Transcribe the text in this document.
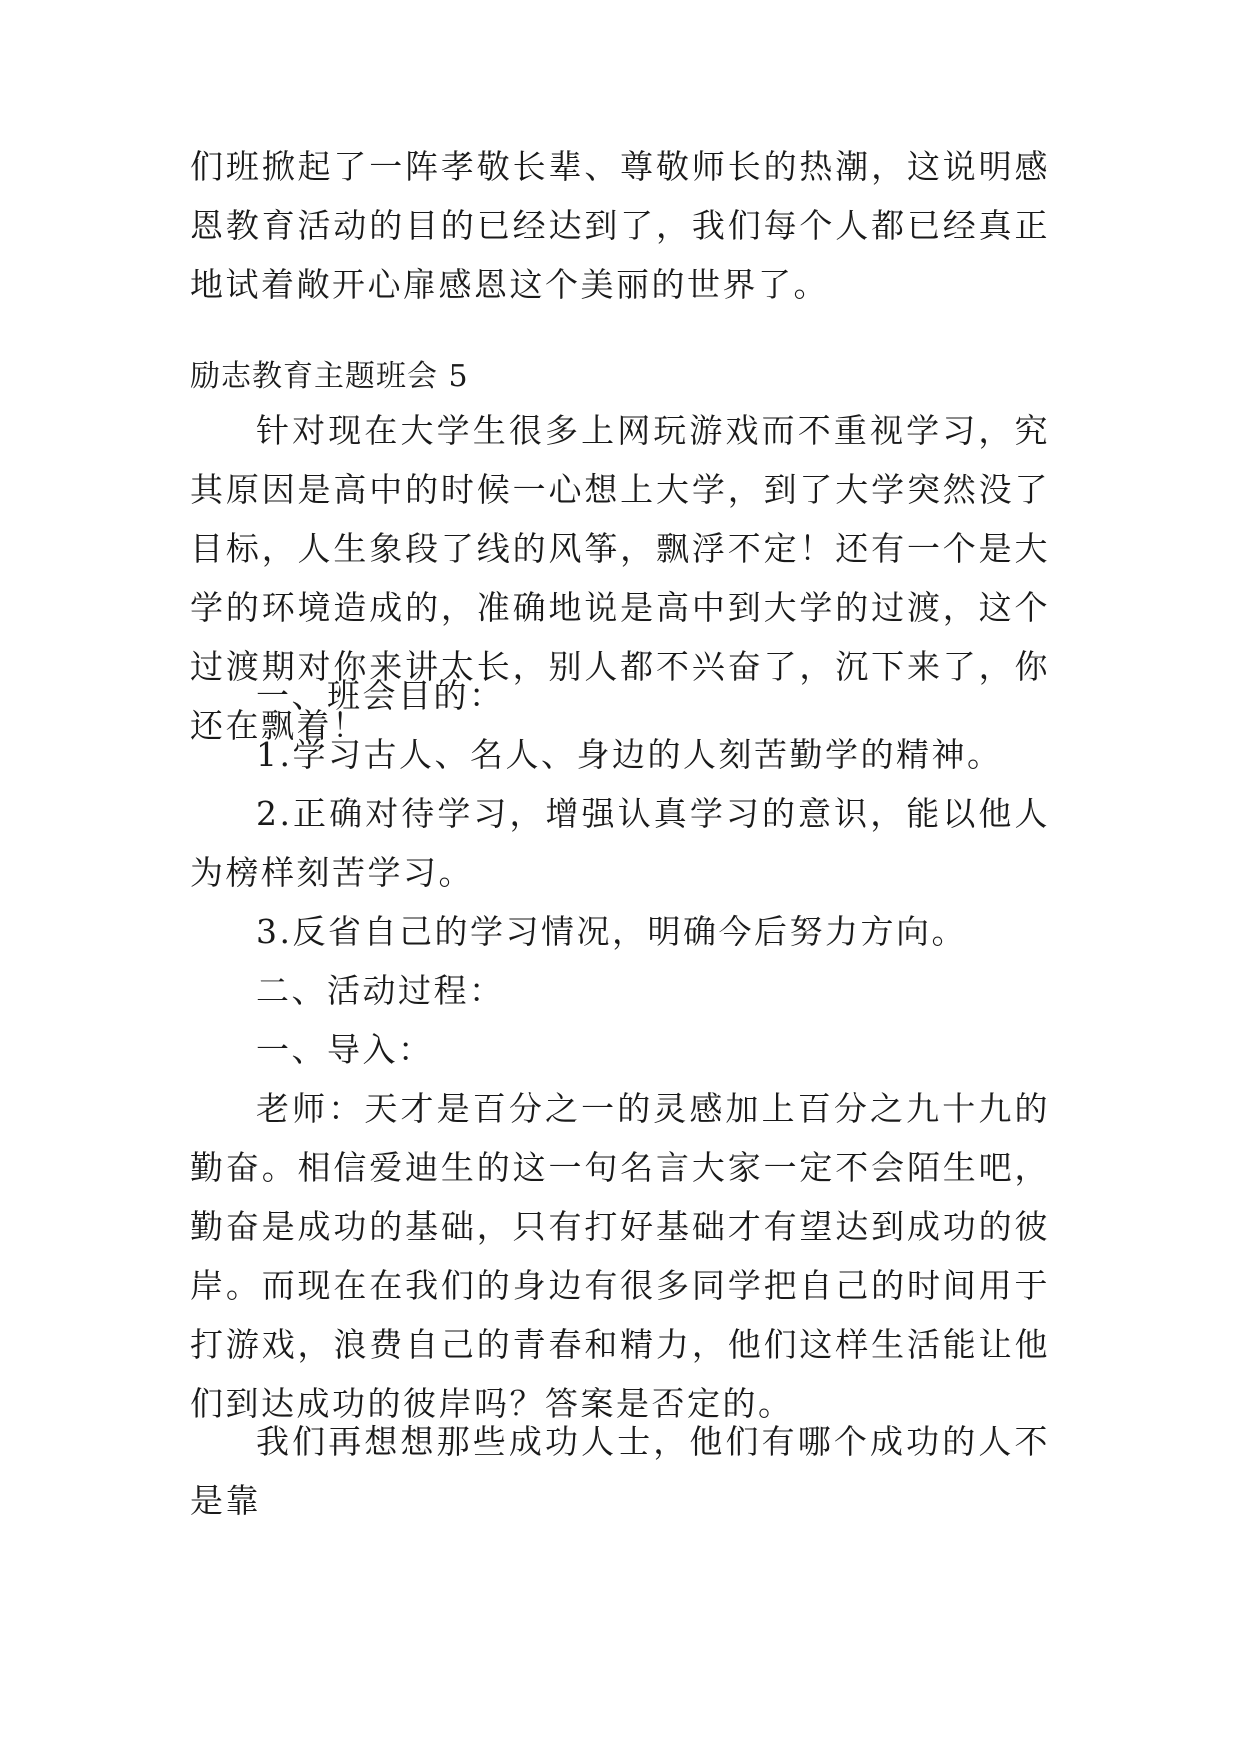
们班掀起了一阵孝敬长辈、尊敬师长的热潮，这说明感恩教育活动的目的已经达到了，我们每个人都已经真正地试着敞开心扉感恩这个美丽的世界了。

励志教育主题班会 5

针对现在大学生很多上网玩游戏而不重视学习，究其原因是高中的时候一心想上大学，到了大学突然没了目标，人生象段了线的风筝，飘浮不定！还有一个是大学的环境造成的，准确地说是高中到大学的过渡，这个过渡期对你来讲太长，别人都不兴奋了，沉下来了，你还在飘着！

一、班会目的：

1.学习古人、名人、身边的人刻苦勤学的精神。

2.正确对待学习，增强认真学习的意识，能以他人为榜样刻苦学习。

3.反省自己的学习情况，明确今后努力方向。

二、活动过程：

一、导入：

老师：天才是百分之一的灵感加上百分之九十九的勤奋。相信爱迪生的这一句名言大家一定不会陌生吧，勤奋是成功的基础，只有打好基础才有望达到成功的彼岸。而现在在我们的身边有很多同学把自己的时间用于打游戏，浪费自己的青春和精力，他们这样生活能让他们到达成功的彼岸吗？答案是否定的。

我们再想想那些成功人士，他们有哪个成功的人不是靠
